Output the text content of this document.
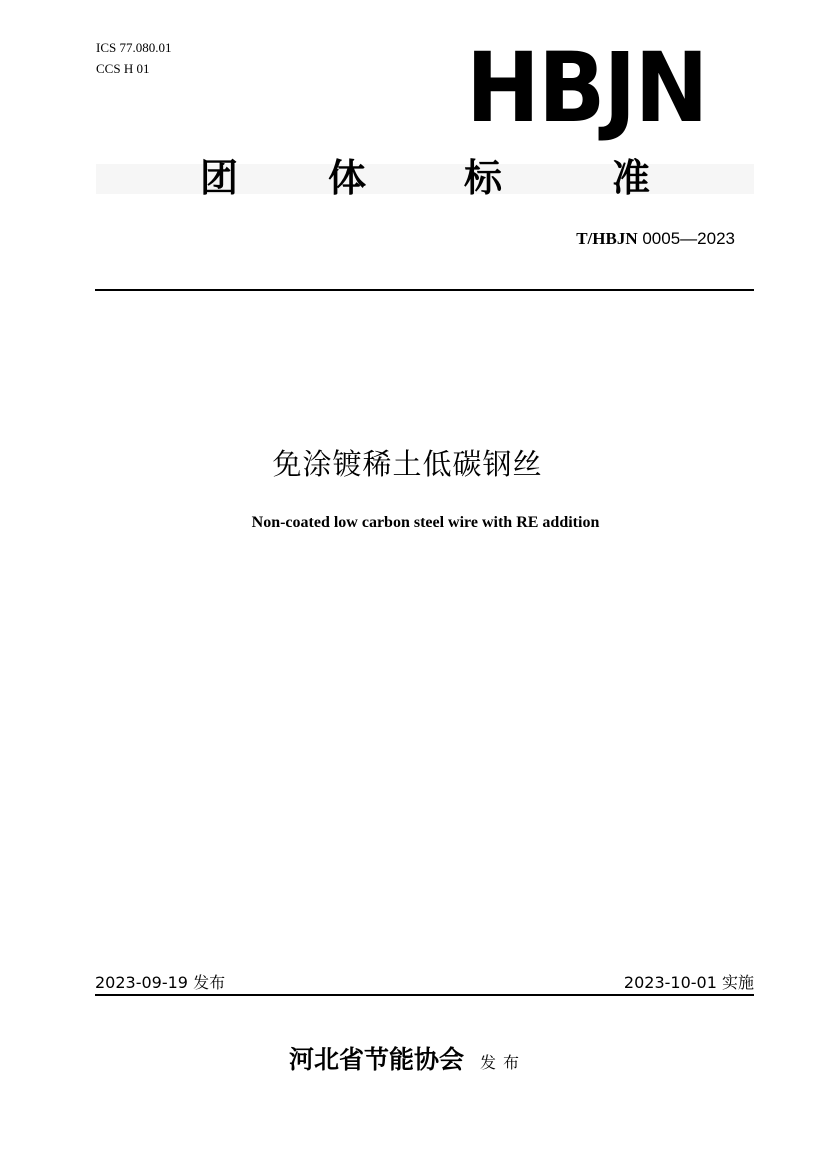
ICS 77.080.01
CCS H 01	HBJN
团 体	标	准
T/HBJN 0005—2023
免涂镀稀土低碳钢丝
Non-coated low carbon steel wire with RE addition
2023-09-19 发布	2023-10-01 实施
河北省节能协会 发布
